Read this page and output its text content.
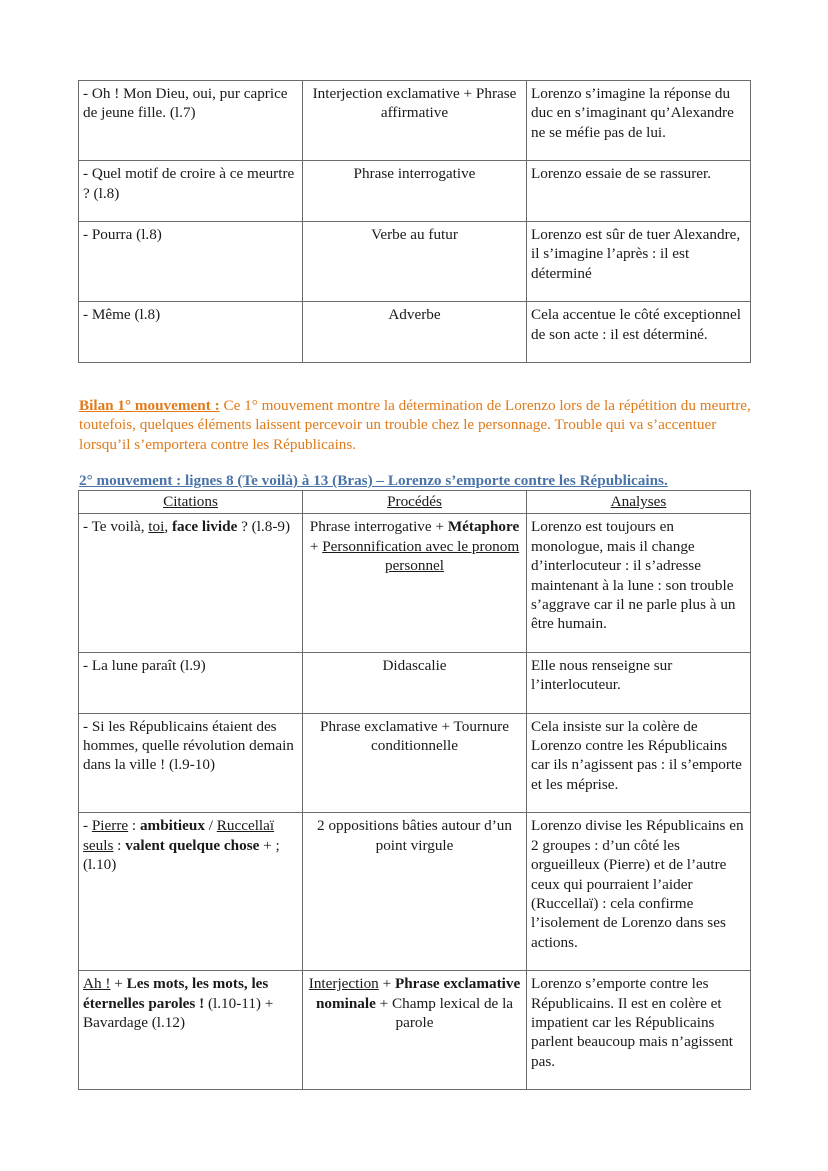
- Oh ! Mon Dieu, oui, pur caprice de jeune fille. (l.7)	Interjection exclamative + Phrase affirmative	Lorenzo s’imagine la réponse du duc en s’imaginant qu’Alexandre ne se méfie pas de lui.
- Quel motif de croire à ce meurtre ? (l.8)	Phrase interrogative	Lorenzo essaie de se rassurer.
- Pourra (l.8)	Verbe au futur	Lorenzo est sûr de tuer Alexandre, il s’imagine l’après : il est déterminé
- Même (l.8)	Adverbe	Cela accentue le côté exceptionnel de son acte : il est déterminé.
Bilan 1° mouvement : Ce 1° mouvement montre la détermination de Lorenzo lors de la répétition du meurtre, toutefois, quelques éléments laissent percevoir un trouble chez le personnage. Trouble qui va s’accentuer lorsqu’il s’emportera contre les Républicains.
2° mouvement : lignes 8 (Te voilà) à 13 (Bras) – Lorenzo s’emporte contre les Républicains.
Citations	Procédés	Analyses
- Te voilà, toi, face livide ? (l.8-9)	Phrase interrogative + Métaphore + Personnification avec le pronom personnel	Lorenzo est toujours en monologue, mais il change d’interlocuteur : il s’adresse maintenant à la lune : son trouble s’aggrave car il ne parle plus à un être humain.
- La lune paraît (l.9)	Didascalie	Elle nous renseigne sur l’interlocuteur.
- Si les Républicains étaient des hommes, quelle révolution demain dans la ville ! (l.9-10)	Phrase exclamative + Tournure conditionnelle	Cela insiste sur la colère de Lorenzo contre les Républicains car ils n’agissent pas : il s’emporte et les méprise.
- Pierre : ambitieux / Ruccellaï seuls : valent quelque chose + ; (l.10)	2 oppositions bâties autour d’un point virgule	Lorenzo divise les Républicains en 2 groupes : d’un côté les orgueilleux (Pierre) et de l’autre ceux qui pourraient l’aider (Ruccellaï) : cela confirme l’isolement de Lorenzo dans ses actions.
Ah ! + Les mots, les mots, les éternelles paroles ! (l.10-11) + Bavardage (l.12)	Interjection + Phrase exclamative nominale + Champ lexical de la parole	Lorenzo s’emporte contre les Républicains. Il est en colère et impatient car les Républicains parlent beaucoup mais n’agissent pas.
